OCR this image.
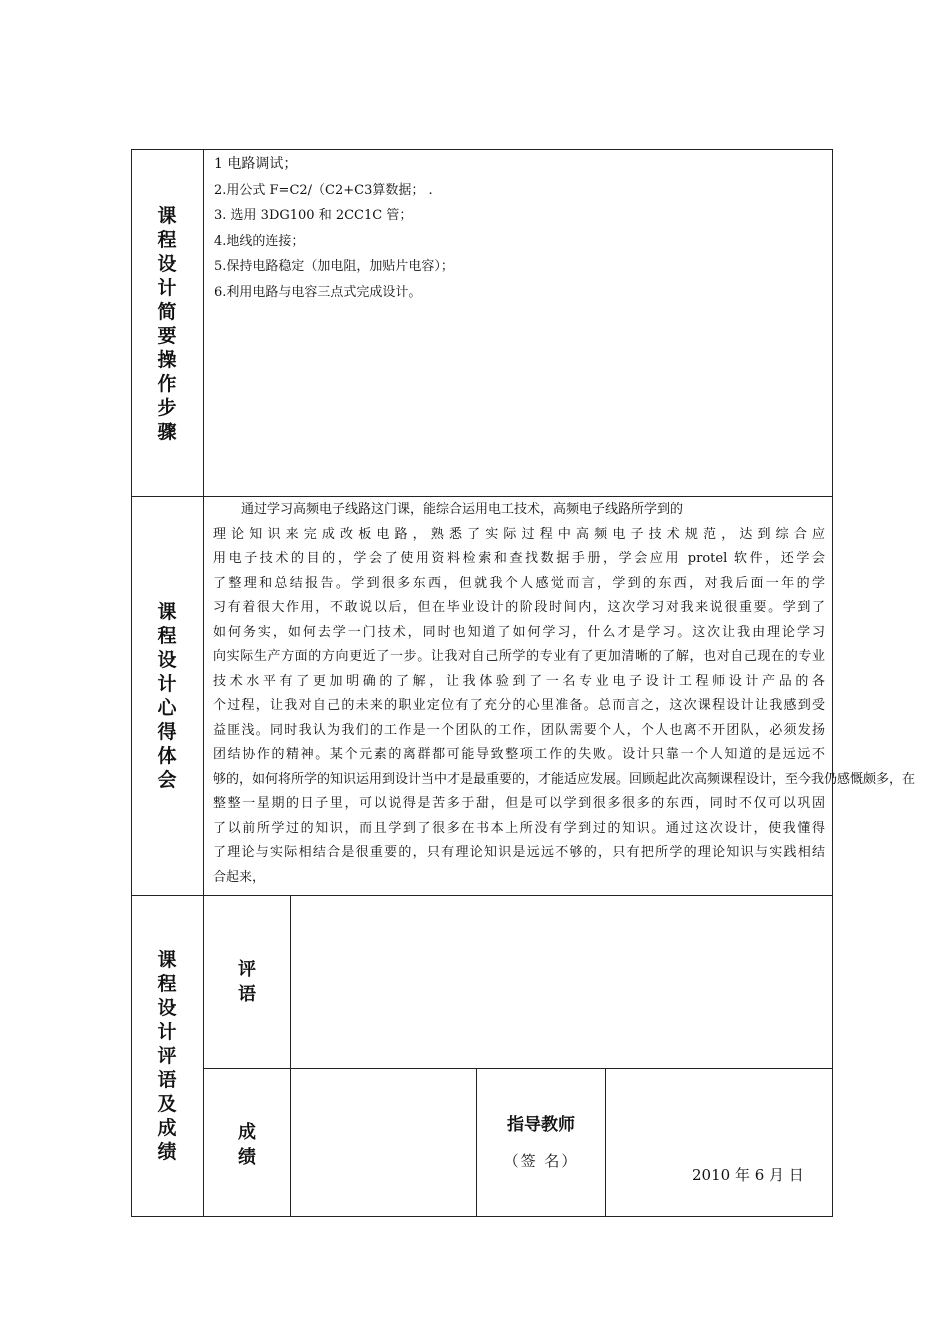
课
程
设
计
简
要
操
作
步
骤
课
程
设
计
心
得
体
会
课
程
设
计
评
语
及
成
绩
1 电路调试；
2.用公式 F=C2/（C2+C3算数据； .
3. 选用 3DG100 和 2CC1C 管；
4.地线的连接；
5.保持电路稳定（加电阻，加贴片电容）；
6.利用电路与电容三点式完成设计。
通过学习高频电子线路这门课，能综合运用电工技术，高频电子线路所学到的
理论知识来完成改板电路，熟悉了实际过程中高频电子技术规范，达到综合应
用电子技术的目的，学会了使用资料检索和查找数据手册，学会应用 protel 软件，还学会
了整理和总结报告。学到很多东西，但就我个人感觉而言，学到的东西，对我后面一年的学
习有着很大作用，不敢说以后，但在毕业设计的阶段时间内，这次学习对我来说很重要。学到了
如何务实，如何去学一门技术，同时也知道了如何学习，什么才是学习。这次让我由理论学习
向实际生产方面的方向更近了一步。让我对自己所学的专业有了更加清晰的了解，也对自己现在的专业
技术水平有了更加明确的了解，让我体验到了一名专业电子设计工程师设计产品的各
个过程，让我对自己的未来的职业定位有了充分的心里准备。总而言之，这次课程设计让我感到受
益匪浅。同时我认为我们的工作是一个团队的工作，团队需要个人，个人也离不开团队，必须发扬
团结协作的精神。某个元素的离群都可能导致整项工作的失败。设计只靠一个人知道的是远远不
够的，如何将所学的知识运用到设计当中才是最重要的，才能适应发展。回顾起此次高频课程设计，至今我仍感慨颇多，在
整整一星期的日子里，可以说得是苦多于甜，但是可以学到很多很多的东西，同时不仅可以巩固
了以前所学过的知识，而且学到了很多在书本上所没有学到过的知识。通过这次设计，使我懂得
了理论与实际相结合是很重要的，只有理论知识是远远不够的，只有把所学的理论知识与实践相结
合起来，
评
语
成
绩
指导教师
（签 名）
2010 年 6 月 日
